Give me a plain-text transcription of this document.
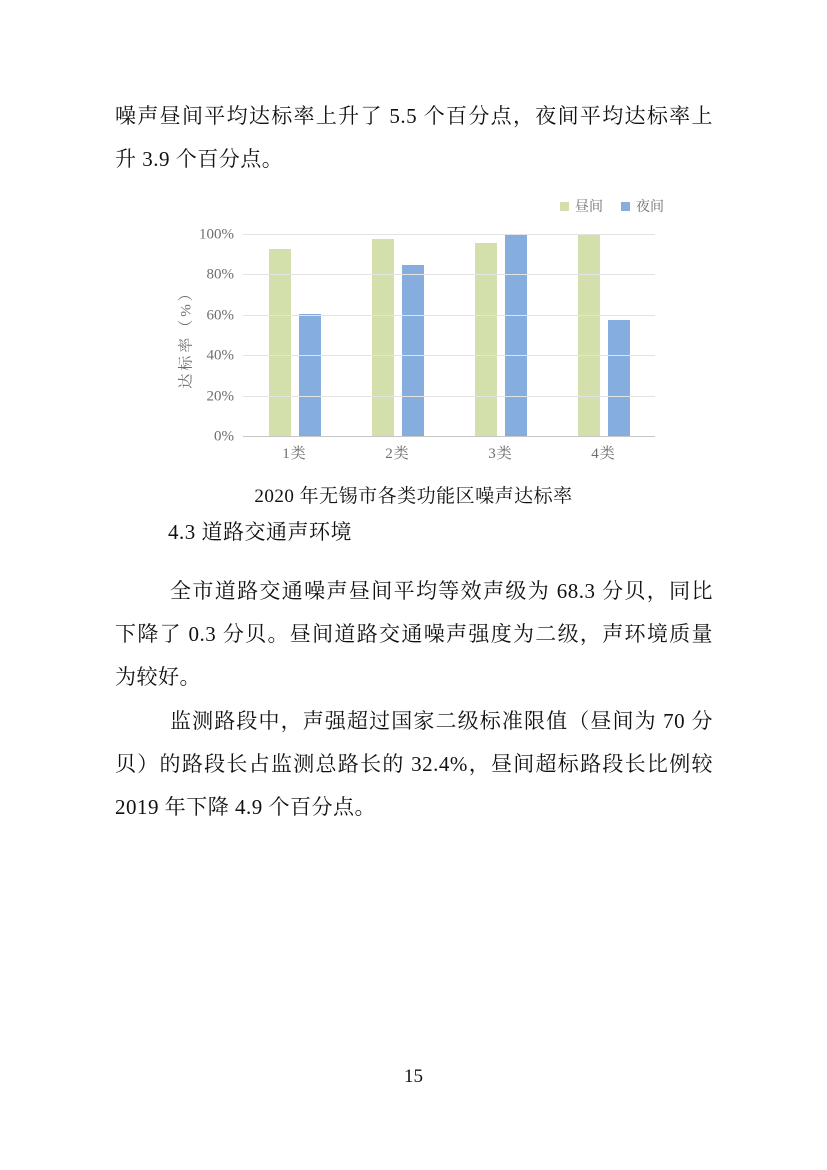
噪声昼间平均达标率上升了 5.5 个百分点，夜间平均达标率上升 3.9 个百分点。
昼间 夜间
达标率（%）
0%
20%
40%
60%
80%
100%
1类	2类	3类	4类
2020 年无锡市各类功能区噪声达标率
4.3 道路交通声环境
全市道路交通噪声昼间平均等效声级为 68.3 分贝，同比下降了 0.3 分贝。昼间道路交通噪声强度为二级，声环境质量为较好。
监测路段中，声强超过国家二级标准限值（昼间为 70 分贝）的路段长占监测总路长的 32.4%，昼间超标路段长比例较 2019 年下降 4.9 个百分点。
15
